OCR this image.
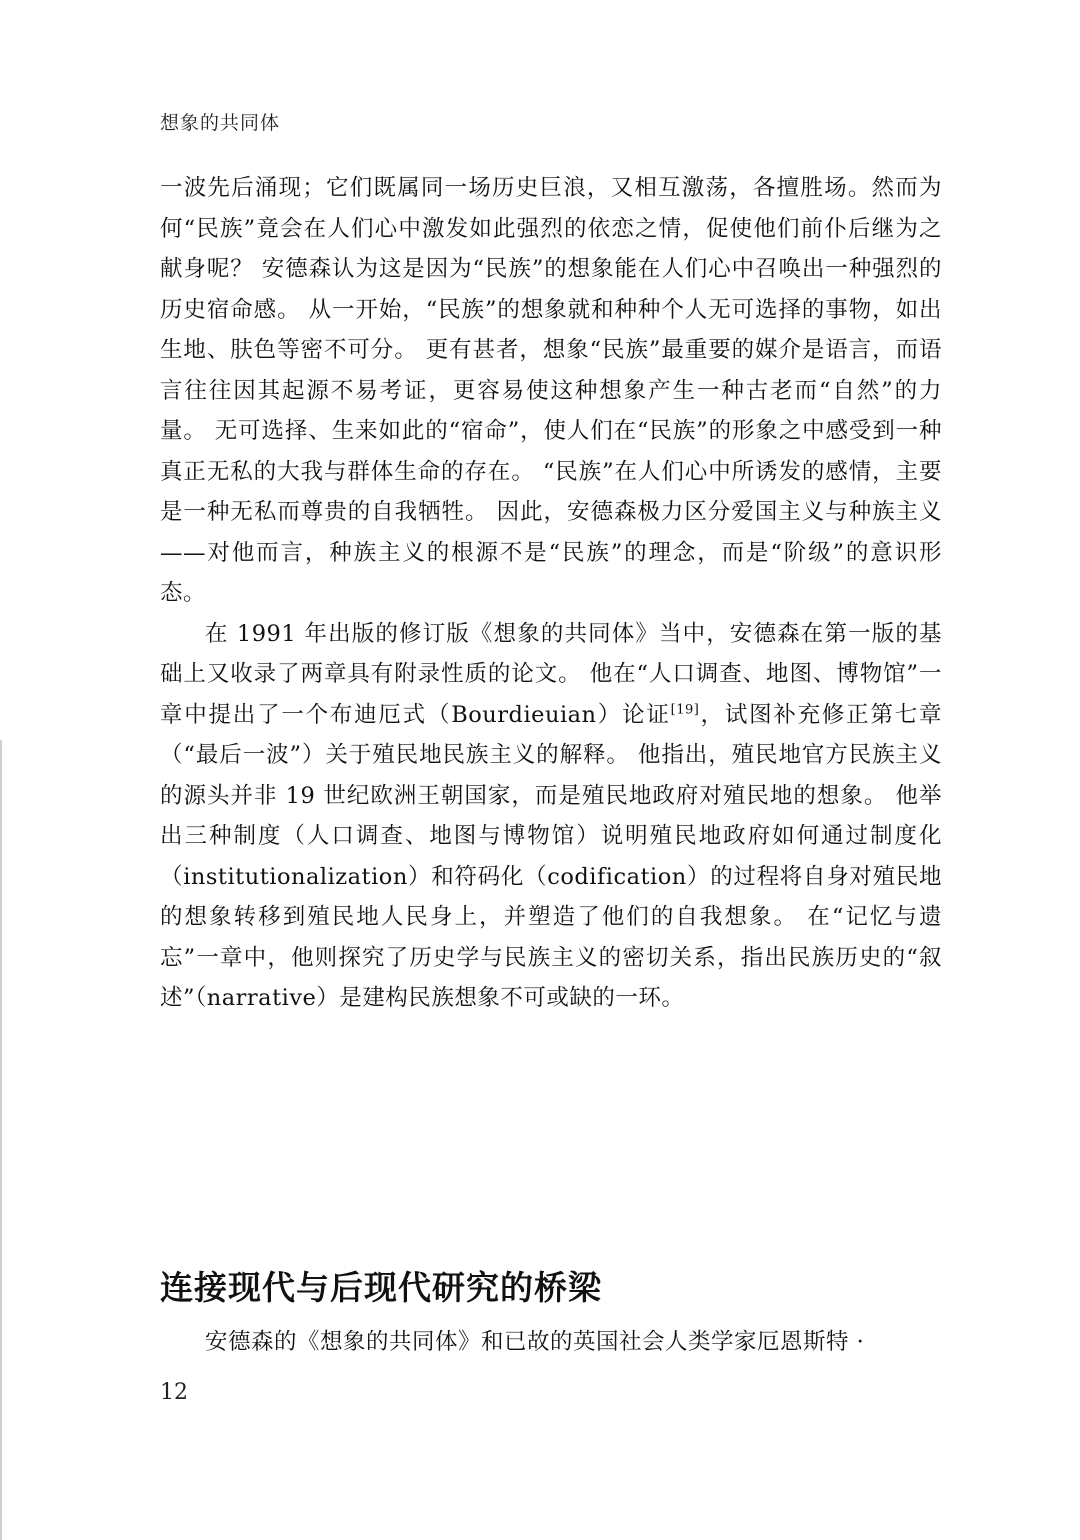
想象的共同体

一波先后涌现；它们既属同一场历史巨浪，又相互激荡，各擅胜场。然而为何“民族”竟会在人们心中激发如此强烈的依恋之情，促使他们前仆后继为之献身呢？ 安德森认为这是因为“民族”的想象能在人们心中召唤出一种强烈的历史宿命感。 从一开始，“民族”的想象就和种种个人无可选择的事物，如出生地、肤色等密不可分。 更有甚者，想象“民族”最重要的媒介是语言，而语言往往因其起源不易考证，更容易使这种想象产生一种古老而“自然”的力量。 无可选择、生来如此的“宿命”，使人们在“民族”的形象之中感受到一种真正无私的大我与群体生命的存在。 “民族”在人们心中所诱发的感情，主要是一种无私而尊贵的自我牺牲。 因此，安德森极力区分爱国主义与种族主义——对他而言，种族主义的根源不是“民族”的理念，而是“阶级”的意识形态。

在 1991 年出版的修订版《想象的共同体》当中，安德森在第一版的基础上又收录了两章具有附录性质的论文。 他在“人口调查、地图、博物馆”一章中提出了一个布迪厄式（Bourdieuian）论证[19]，试图补充修正第七章（“最后一波”）关于殖民地民族主义的解释。 他指出，殖民地官方民族主义的源头并非 19 世纪欧洲王朝国家，而是殖民地政府对殖民地的想象。 他举出三种制度（人口调查、地图与博物馆）说明殖民地政府如何通过制度化（institutionalization）和符码化（codification）的过程将自身对殖民地的想象转移到殖民地人民身上，并塑造了他们的自我想象。 在“记忆与遗忘”一章中，他则探究了历史学与民族主义的密切关系，指出民族历史的“叙述”（narrative）是建构民族想象不可或缺的一环。

连接现代与后现代研究的桥梁

安德森的《想象的共同体》和已故的英国社会人类学家厄恩斯特 ·

12
